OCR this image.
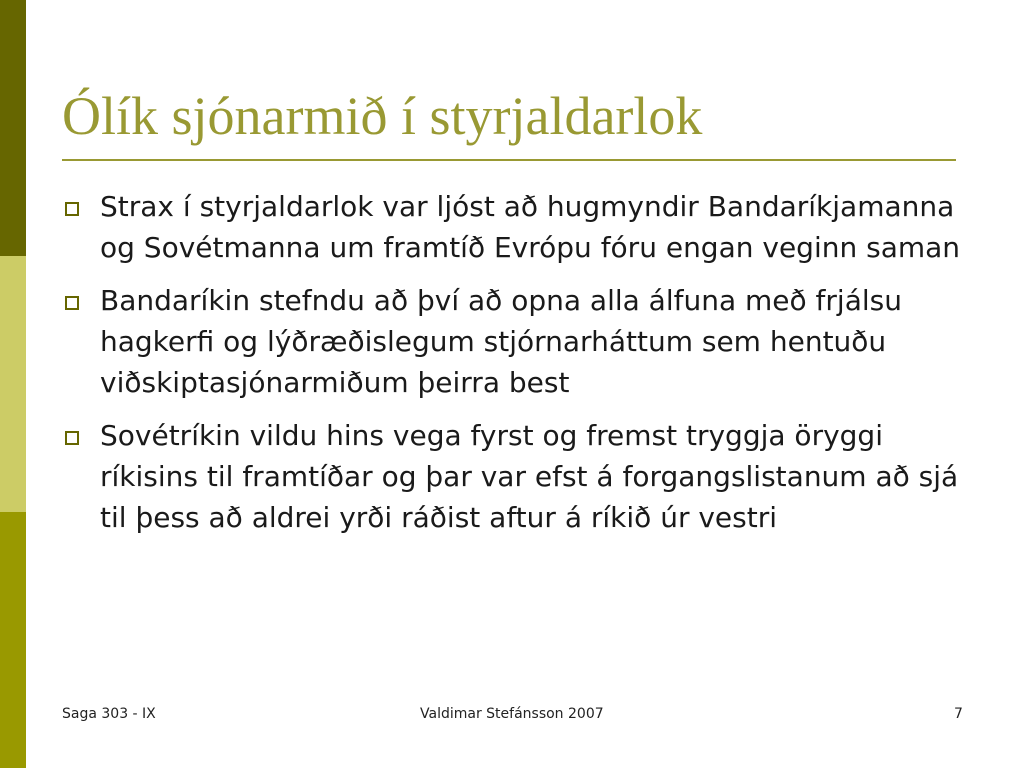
Ólík sjónarmið í styrjaldarlok
Strax í styrjaldarlok var ljóst að hugmyndir Bandaríkjamanna og Sovétmanna um framtíð Evrópu fóru engan veginn saman
Bandaríkin stefndu að því að opna alla álfuna með frjálsu hagkerfi og lýðræðislegum stjórnarháttum sem hentuðu viðskiptasjónarmiðum þeirra best
Sovétríkin vildu hins vega fyrst og fremst tryggja öryggi ríkisins til framtíðar og þar var efst á forgangslistanum að sjá til þess að aldrei yrði ráðist aftur á ríkið úr vestri
Saga 303 - IX	Valdimar Stefánsson 2007	7
